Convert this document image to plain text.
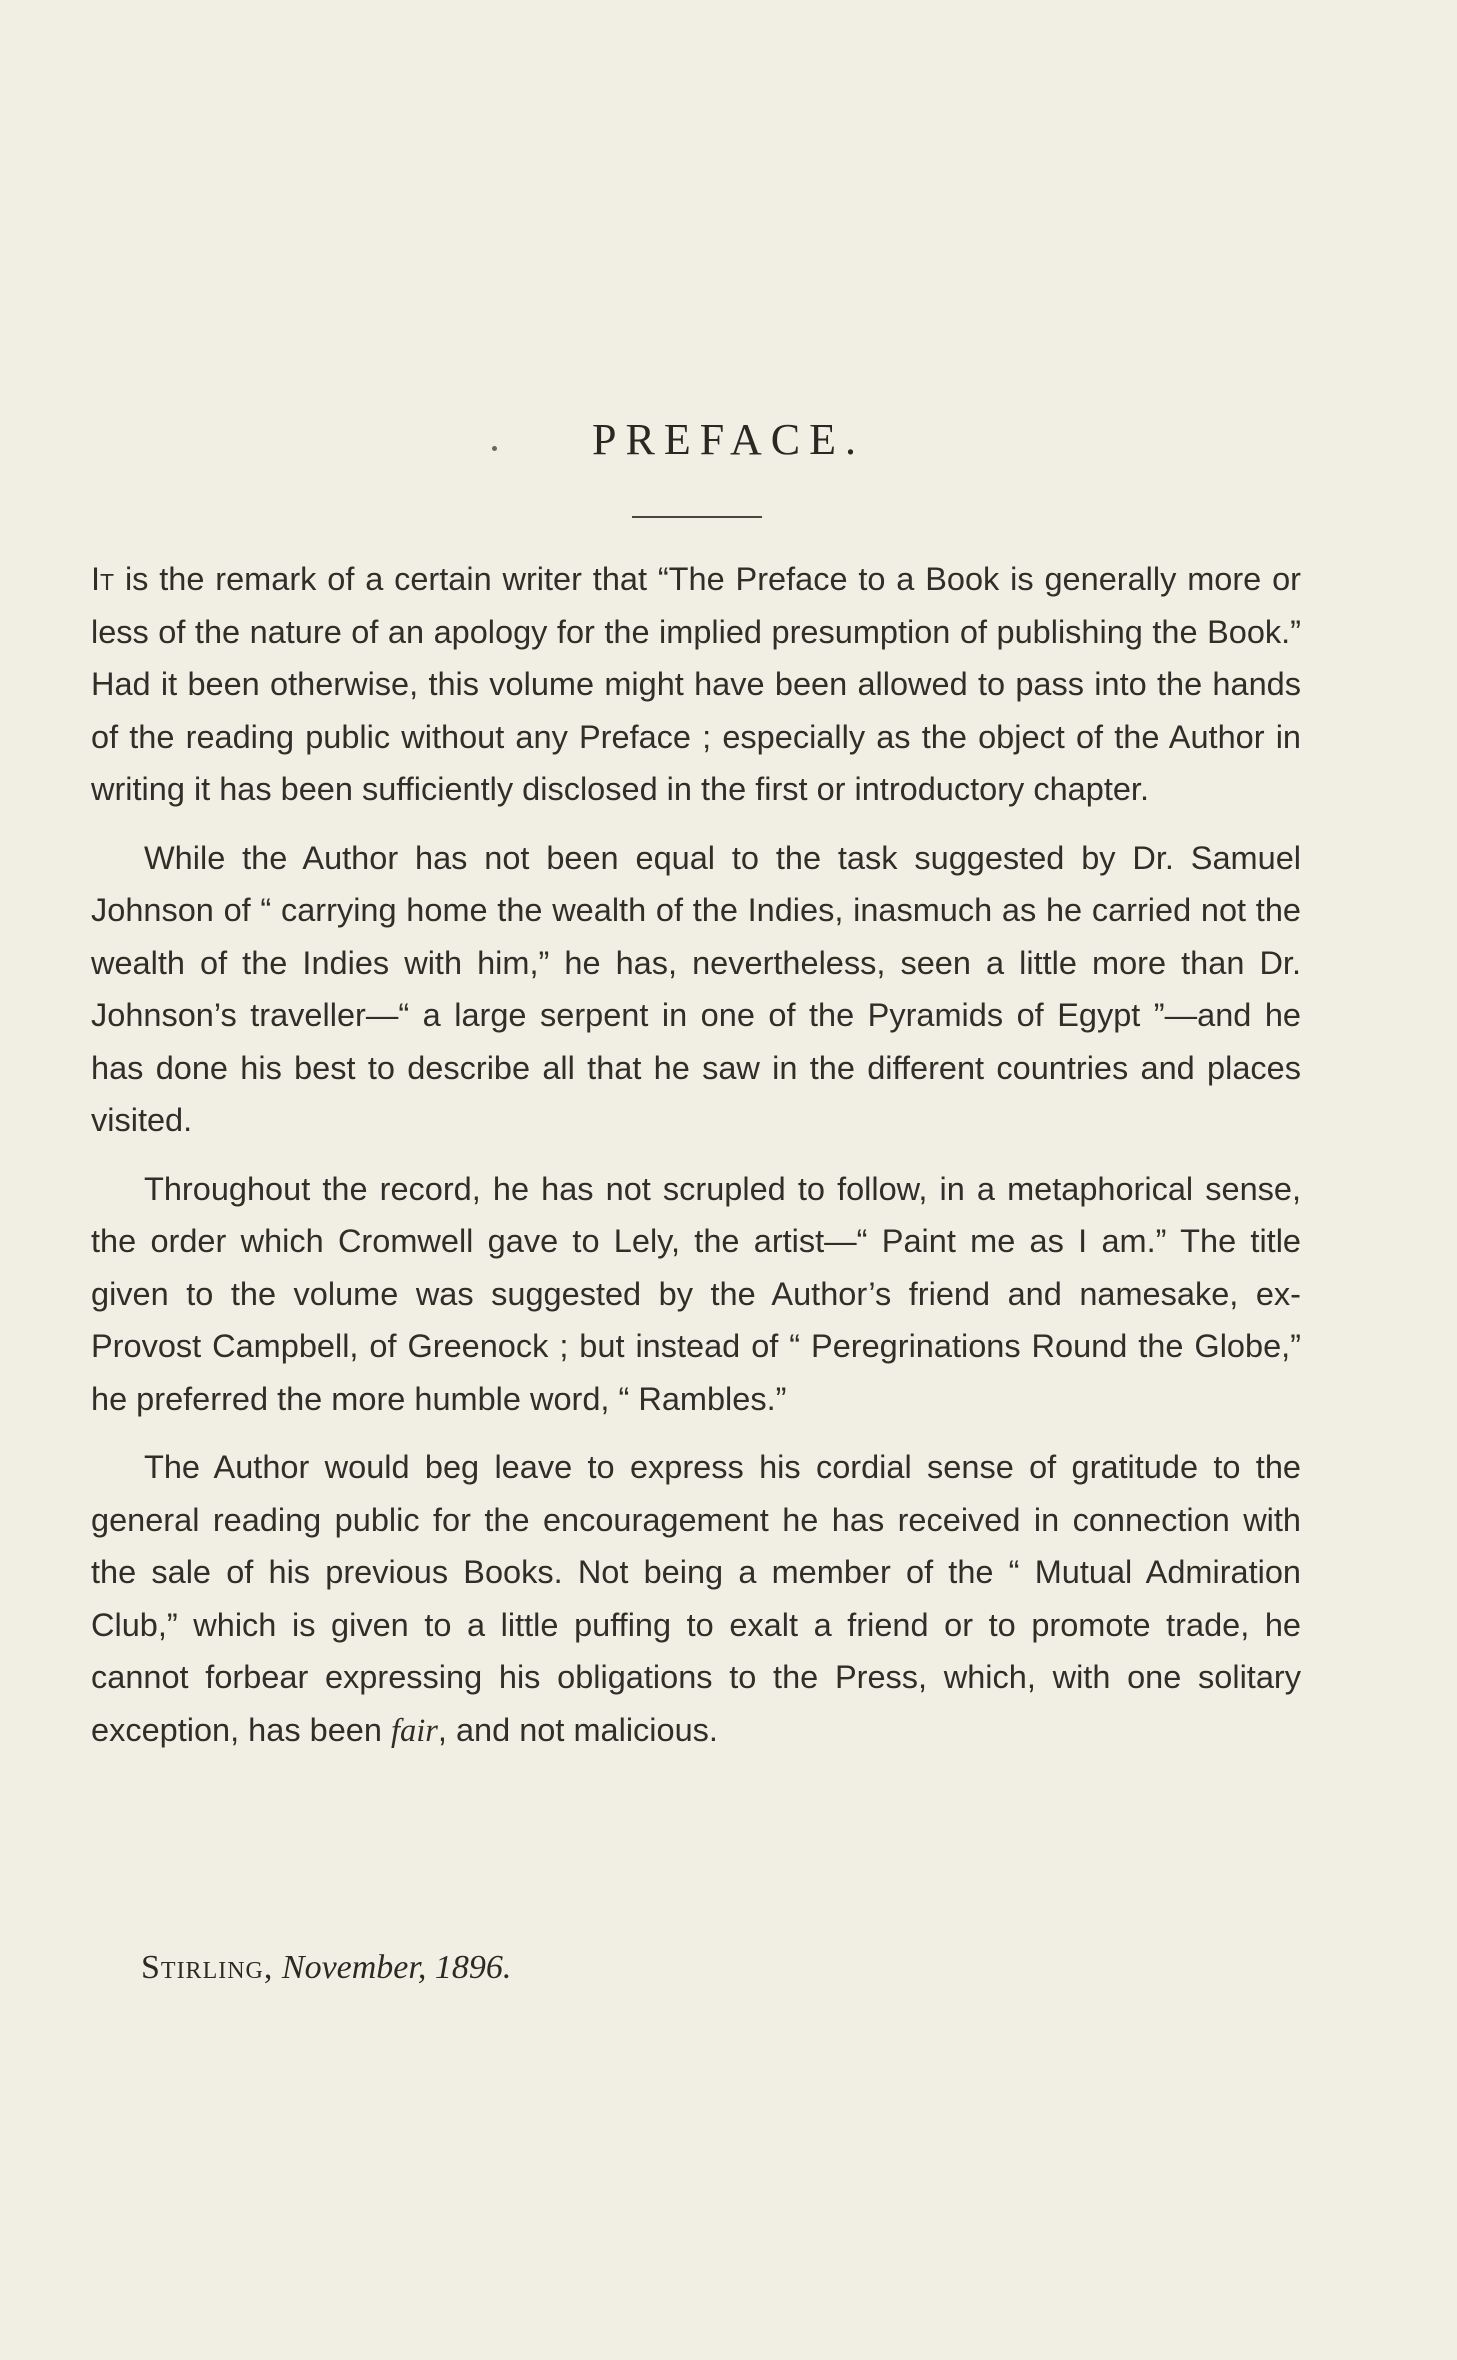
PREFACE.

It is the remark of a certain writer that “The Preface to a Book is generally more or less of the nature of an apology for the implied presumption of publishing the Book.” Had it been otherwise, this volume might have been allowed to pass into the hands of the reading public without any Preface ; especially as the object of the Author in writing it has been sufficiently disclosed in the first or introductory chapter.

While the Author has not been equal to the task suggested by Dr. Samuel Johnson of “ carrying home the wealth of the Indies, inasmuch as he carried not the wealth of the Indies with him,” he has, nevertheless, seen a little more than Dr. Johnson’s traveller—“ a large serpent in one of the Pyramids of Egypt ”—and he has done his best to describe all that he saw in the different countries and places visited.

Throughout the record, he has not scrupled to follow, in a metaphorical sense, the order which Cromwell gave to Lely, the artist—“ Paint me as I am.” The title given to the volume was suggested by the Author’s friend and namesake, ex-Provost Campbell, of Greenock ; but instead of “ Peregrinations Round the Globe,” he preferred the more humble word, “ Rambles.”

The Author would beg leave to express his cordial sense of gratitude to the general reading public for the encouragement he has received in connection with the sale of his previous Books. Not being a member of the “ Mutual Admiration Club,” which is given to a little puffing to exalt a friend or to promote trade, he cannot forbear expressing his obligations to the Press, which, with one solitary exception, has been fair, and not malicious.

Stirling, November, 1896.
